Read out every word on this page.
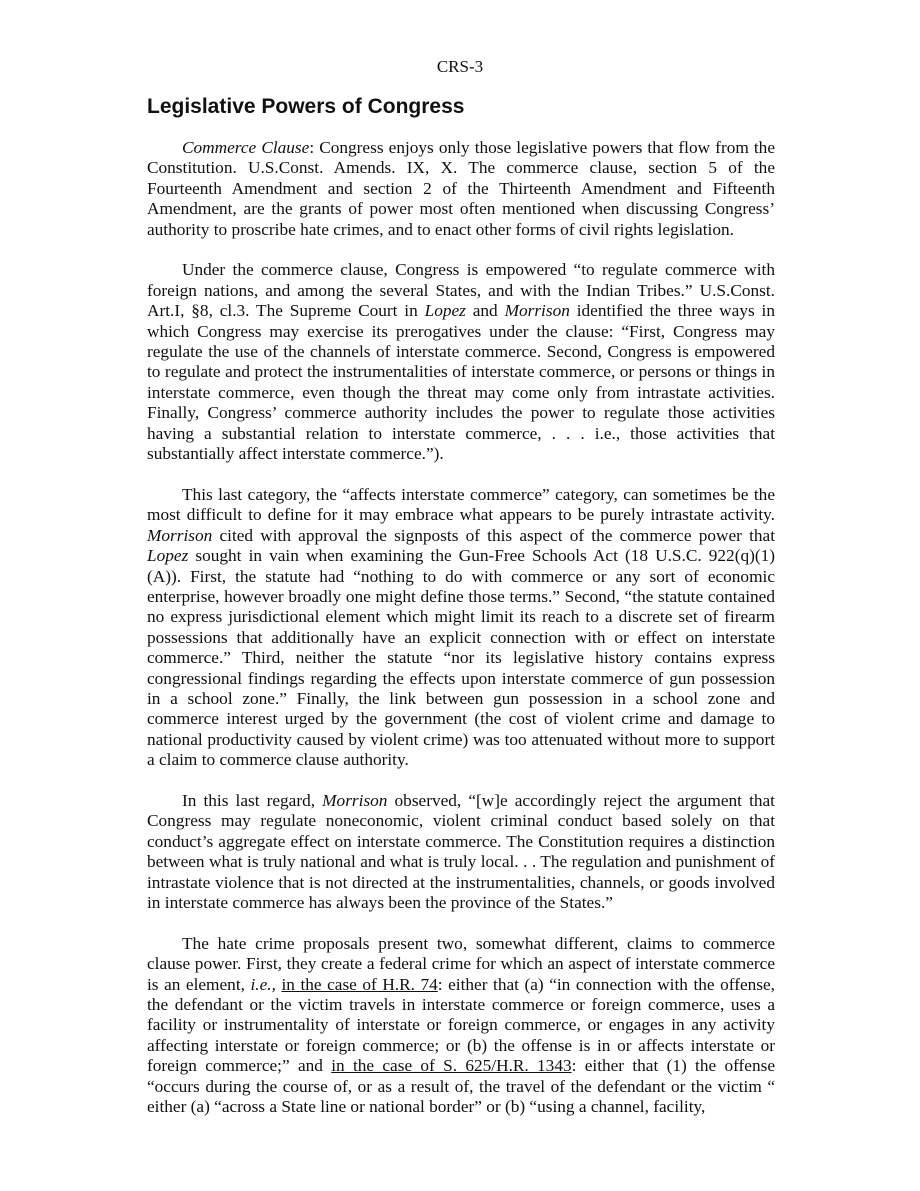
CRS-3
Legislative Powers of Congress

Commerce Clause: Congress enjoys only those legislative powers that flow from the Constitution. U.S.Const. Amends. IX, X. The commerce clause, section 5 of the Fourteenth Amendment and section 2 of the Thirteenth Amendment and Fifteenth Amendment, are the grants of power most often mentioned when discussing Congress’ authority to proscribe hate crimes, and to enact other forms of civil rights legislation.

Under the commerce clause, Congress is empowered “to regulate commerce with foreign nations, and among the several States, and with the Indian Tribes.” U.S.Const. Art.I, §8, cl.3. The Supreme Court in Lopez and Morrison identified the three ways in which Congress may exercise its prerogatives under the clause: “First, Congress may regulate the use of the channels of interstate commerce. Second, Congress is empowered to regulate and protect the instrumentalities of interstate commerce, or persons or things in interstate commerce, even though the threat may come only from intrastate activities. Finally, Congress’ commerce authority includes the power to regulate those activities having a substantial relation to interstate commerce, . . . i.e., those activities that substantially affect interstate commerce.”).

This last category, the “affects interstate commerce” category, can sometimes be the most difficult to define for it may embrace what appears to be purely intrastate activity. Morrison cited with approval the signposts of this aspect of the commerce power that Lopez sought in vain when examining the Gun-Free Schools Act (18 U.S.C. 922(q)(1)(A)). First, the statute had “nothing to do with commerce or any sort of economic enterprise, however broadly one might define those terms.” Second, “the statute contained no express jurisdictional element which might limit its reach to a discrete set of firearm possessions that additionally have an explicit connection with or effect on interstate commerce.” Third, neither the statute “nor its legislative history contains express congressional findings regarding the effects upon interstate commerce of gun possession in a school zone.” Finally, the link between gun possession in a school zone and commerce interest urged by the government (the cost of violent crime and damage to national productivity caused by violent crime) was too attenuated without more to support a claim to commerce clause authority.

In this last regard, Morrison observed, “[w]e accordingly reject the argument that Congress may regulate noneconomic, violent criminal conduct based solely on that conduct’s aggregate effect on interstate commerce. The Constitution requires a distinction between what is truly national and what is truly local. . . The regulation and punishment of intrastate violence that is not directed at the instrumentalities, channels, or goods involved in interstate commerce has always been the province of the States.”

The hate crime proposals present two, somewhat different, claims to commerce clause power. First, they create a federal crime for which an aspect of interstate commerce is an element, i.e., in the case of H.R. 74: either that (a) “in connection with the offense, the defendant or the victim travels in interstate commerce or foreign commerce, uses a facility or instrumentality of interstate or foreign commerce, or engages in any activity affecting interstate or foreign commerce; or (b) the offense is in or affects interstate or foreign commerce;” and in the case of S. 625/H.R. 1343: either that (1) the offense “occurs during the course of, or as a result of, the travel of the defendant or the victim “ either (a) “across a State line or national border” or (b) “using a channel, facility,
